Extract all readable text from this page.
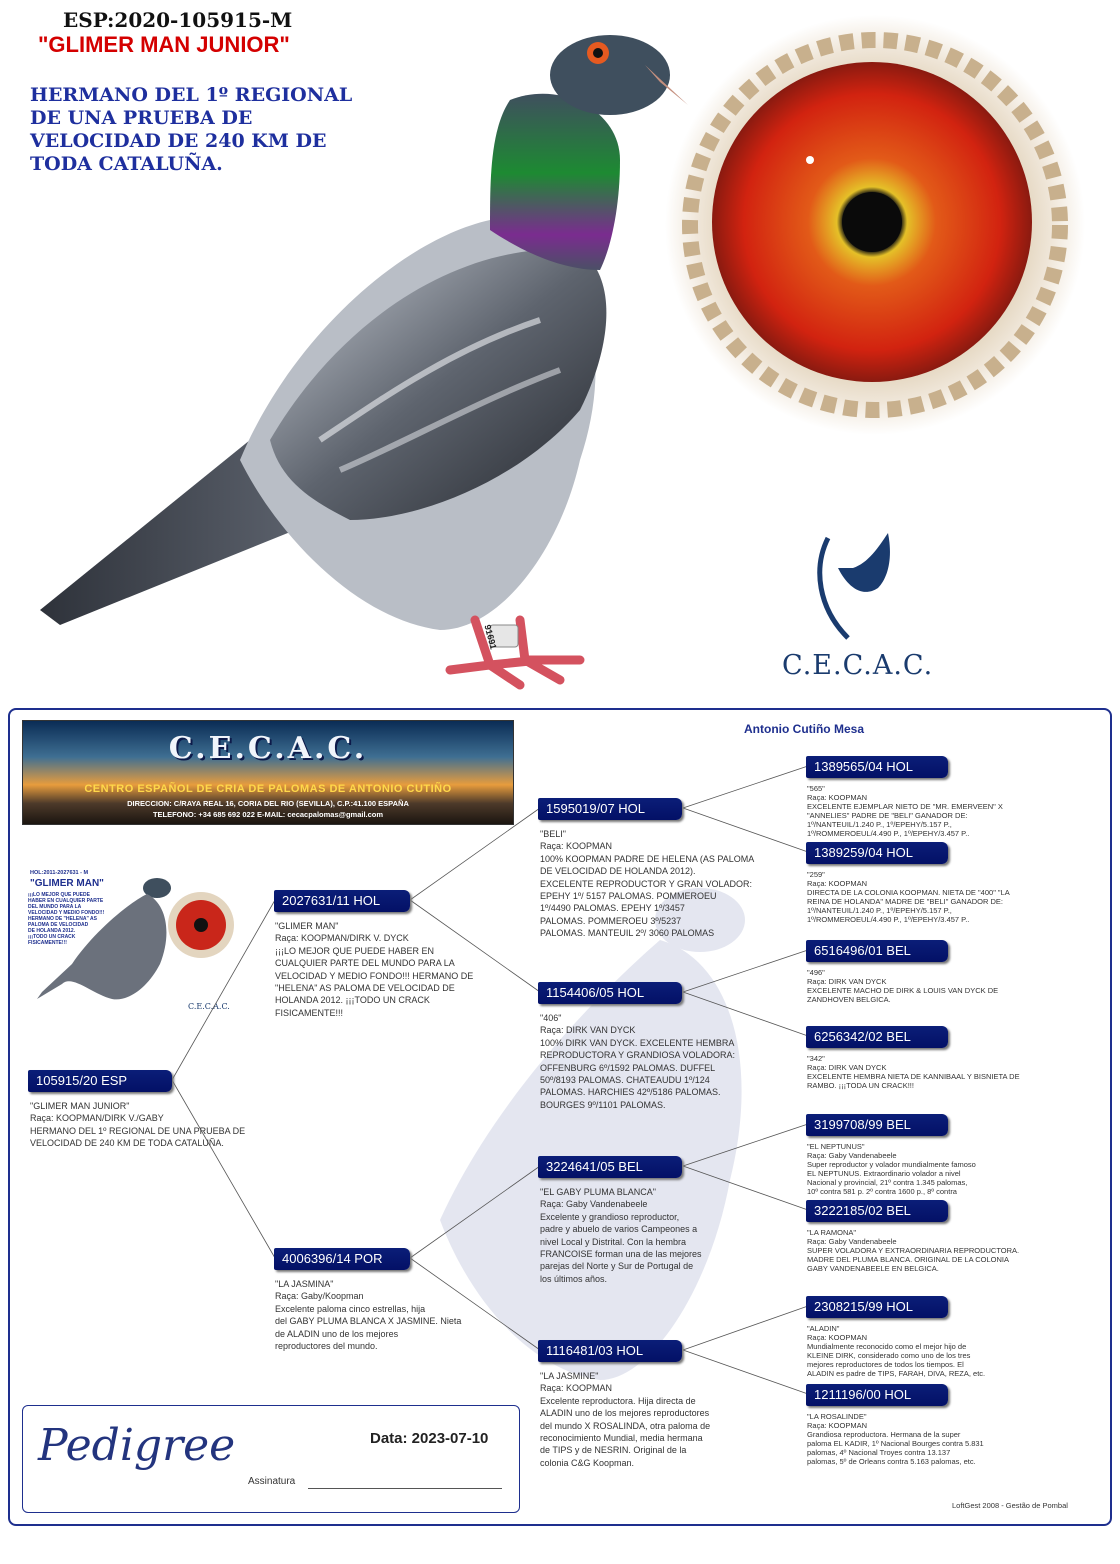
ESP:2020-105915-M
"GLIMER MAN JUNIOR"
HERMANO DEL 1º REGIONAL
DE UNA PRUEBA DE
VELOCIDAD DE 240 KM DE
TODA CATALUÑA.
91691
C.E.C.A.C.
C.E.C.A.C.
CENTRO ESPAÑOL DE CRIA DE PALOMAS DE ANTONIO CUTIÑO
DIRECCION: C/RAYA REAL 16, CORIA DEL RIO (SEVILLA), C.P.:41.100 ESPAÑA
TELEFONO: +34 685 692 022 E-MAIL: cecacpalomas@gmail.com
Antonio Cutiño Mesa
HOL:2011-2027631 - M
"GLIMER MAN"
¡¡¡LO MEJOR QUE PUEDE
HABER EN CUALQUIER PARTE
DEL MUNDO PARA LA
VELOCIDAD Y MEDIO FONDO!!!
HERMANO DE "HELENA" AS
PALOMA DE VELOCIDAD
DE HOLANDA 2012.
¡¡¡TODO UN CRACK
FISICAMENTE!!!
C.E.C.A.C.
105915/20 ESP
"GLIMER MAN JUNIOR"
Raça: KOOPMAN/DIRK V./GABY
HERMANO DEL 1º REGIONAL DE UNA PRUEBA DE
VELOCIDAD DE 240 KM DE TODA CATALUÑA.
2027631/11 HOL
"GLIMER MAN"
Raça: KOOPMAN/DIRK V. DYCK
¡¡¡LO MEJOR QUE PUEDE HABER EN
CUALQUIER PARTE DEL MUNDO PARA LA
VELOCIDAD Y MEDIO FONDO!!! HERMANO DE
"HELENA" AS PALOMA DE VELOCIDAD DE
HOLANDA 2012. ¡¡¡TODO UN CRACK
FISICAMENTE!!!
4006396/14 POR
"LA JASMINA"
Raça: Gaby/Koopman
Excelente paloma cinco estrellas, hija
del GABY PLUMA BLANCA X JASMINE. Nieta
de ALADIN uno de los mejores
reproductores del mundo.
1595019/07 HOL
"BELI"
Raça: KOOPMAN
100% KOOPMAN PADRE DE HELENA (AS PALOMA
DE VELOCIDAD DE HOLANDA 2012).
EXCELENTE REPRODUCTOR Y GRAN VOLADOR:
EPEHY 1º/ 5157 PALOMAS. POMMEROEU
1º/4490 PALOMAS. EPEHY 1º/3457
PALOMAS. POMMEROEU 3º/5237
PALOMAS. MANTEUIL 2º/ 3060 PALOMAS
1154406/05 HOL
"406"
Raça: DIRK VAN DYCK
100% DIRK VAN DYCK. EXCELENTE HEMBRA
REPRODUCTORA Y GRANDIOSA VOLADORA:
OFFENBURG 6º/1592 PALOMAS. DUFFEL
50º/8193 PALOMAS. CHATEAUDU 1º/124
PALOMAS. HARCHIES 42º/5186 PALOMAS.
BOURGES 9º/1101 PALOMAS.
3224641/05 BEL
"EL GABY PLUMA BLANCA"
Raça: Gaby Vandenabeele
Excelente y grandioso reproductor,
padre y abuelo de varios Campeones a
nivel Local y Distrital. Con la hembra
FRANCOISE forman una de las mejores
parejas del Norte y Sur de Portugal de
los últimos años.
1116481/03 HOL
"LA JASMINE"
Raça: KOOPMAN
Excelente reproductora. Hija directa de
ALADIN uno de los mejores reproductores
del mundo X ROSALINDA, otra paloma de
reconocimiento Mundial, media hermana
de TIPS y de NESRIN. Original de la
colonia C&G Koopman.
1389565/04 HOL
"565"
Raça: KOOPMAN
EXCELENTE EJEMPLAR NIETO DE "MR. EMERVEEN" X
"ANNELIES" PADRE DE "BELI" GANADOR DE:
1º/NANTEUIL/1.240 P., 1º/EPEHY/5.157 P.,
1º/ROMMEROEUL/4.490 P., 1º/EPEHY/3.457 P..
1389259/04 HOL
"259"
Raça: KOOPMAN
DIRECTA DE LA COLONIA KOOPMAN. NIETA DE "400" "LA
REINA DE HOLANDA" MADRE DE "BELI" GANADOR DE:
1º/NANTEUIL/1.240 P., 1º/EPEHY/5.157 P.,
1º/ROMMEROEUL/4.490 P., 1º/EPEHY/3.457 P..
6516496/01 BEL
"496"
Raça: DIRK VAN DYCK
EXCELENTE MACHO DE DIRK & LOUIS VAN DYCK DE
ZANDHOVEN BELGICA.
6256342/02 BEL
"342"
Raça: DIRK VAN DYCK
EXCELENTE HEMBRA NIETA DE KANNIBAAL Y BISNIETA DE
RAMBO. ¡¡¡TODA UN CRACK!!!
3199708/99 BEL
"EL NEPTUNUS"
Raça: Gaby Vandenabeele
Super reproductor y volador mundialmente famoso
EL NEPTUNUS. Extraordinario volador a nivel
Nacional y provincial, 21º contra 1.345 palomas,
10º contra 581 p. 2º contra 1600 p., 8º contra
3222185/02 BEL
"LA RAMONA"
Raça: Gaby Vandenabeele
SUPER VOLADORA Y EXTRAORDINARIA REPRODUCTORA.
MADRE DEL PLUMA BLANCA. ORIGINAL DE LA COLONIA
GABY VANDENABEELE EN BELGICA.
2308215/99 HOL
"ALADIN"
Raça: KOOPMAN
Mundialmente reconocido como el mejor hijo de
KLEINE DIRK, considerado como uno de los tres
mejores reproductores de todos los tiempos. El
ALADIN es padre de TIPS, FARAH, DIVA, REZA, etc.
1211196/00 HOL
"LA ROSALINDE"
Raça: KOOPMAN
Grandiosa reproductora. Hermana de la super
paloma EL KADIR, 1º Nacional Bourges contra 5.831
palomas, 4º Nacional Troyes contra 13.137
palomas, 5º de Orleans contra 5.163 palomas, etc.
Pedigree	Data: 2023-07-10
Assinatura
LoftGest 2008 - Gestão de Pombal
